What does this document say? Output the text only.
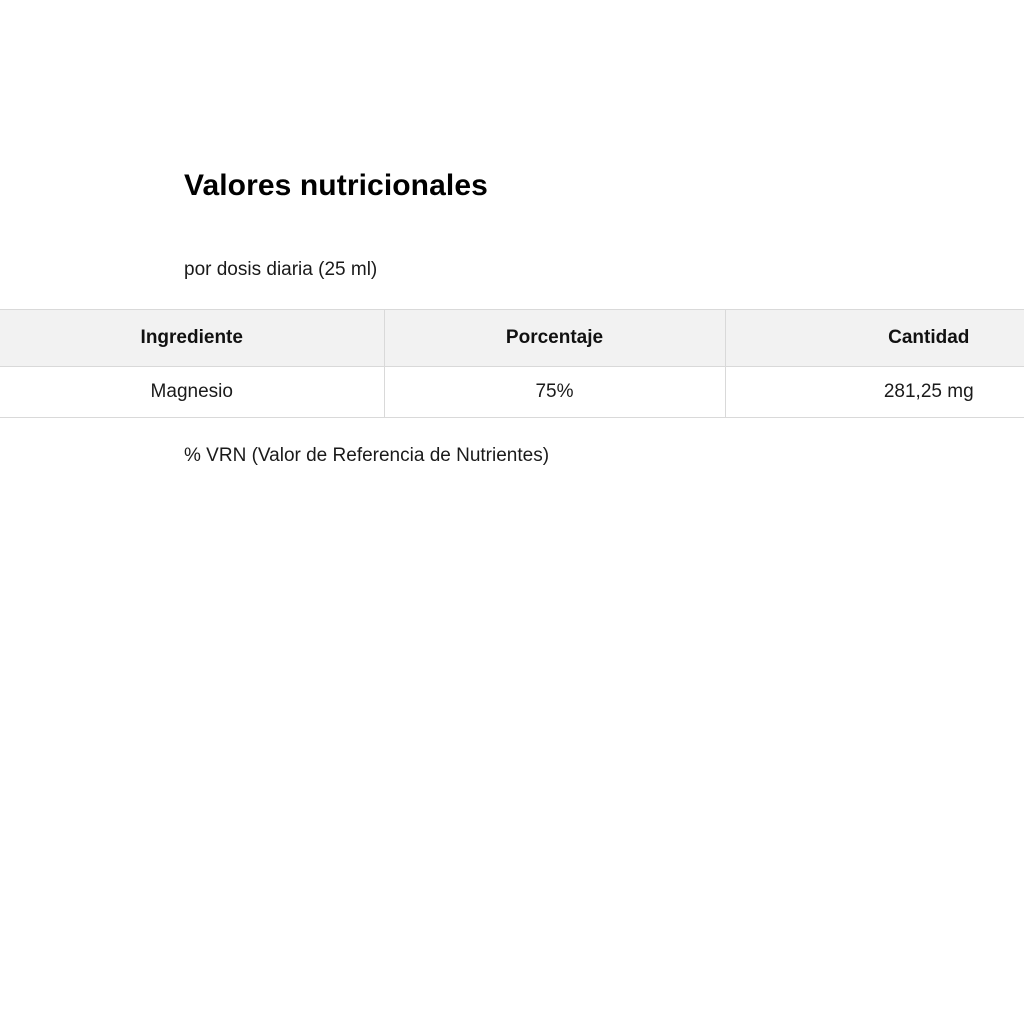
Valores nutricionales
por dosis diaria (25 ml)
Ingrediente	Porcentaje	Cantidad
Magnesio	75%	281,25 mg
% VRN (Valor de Referencia de Nutrientes)
